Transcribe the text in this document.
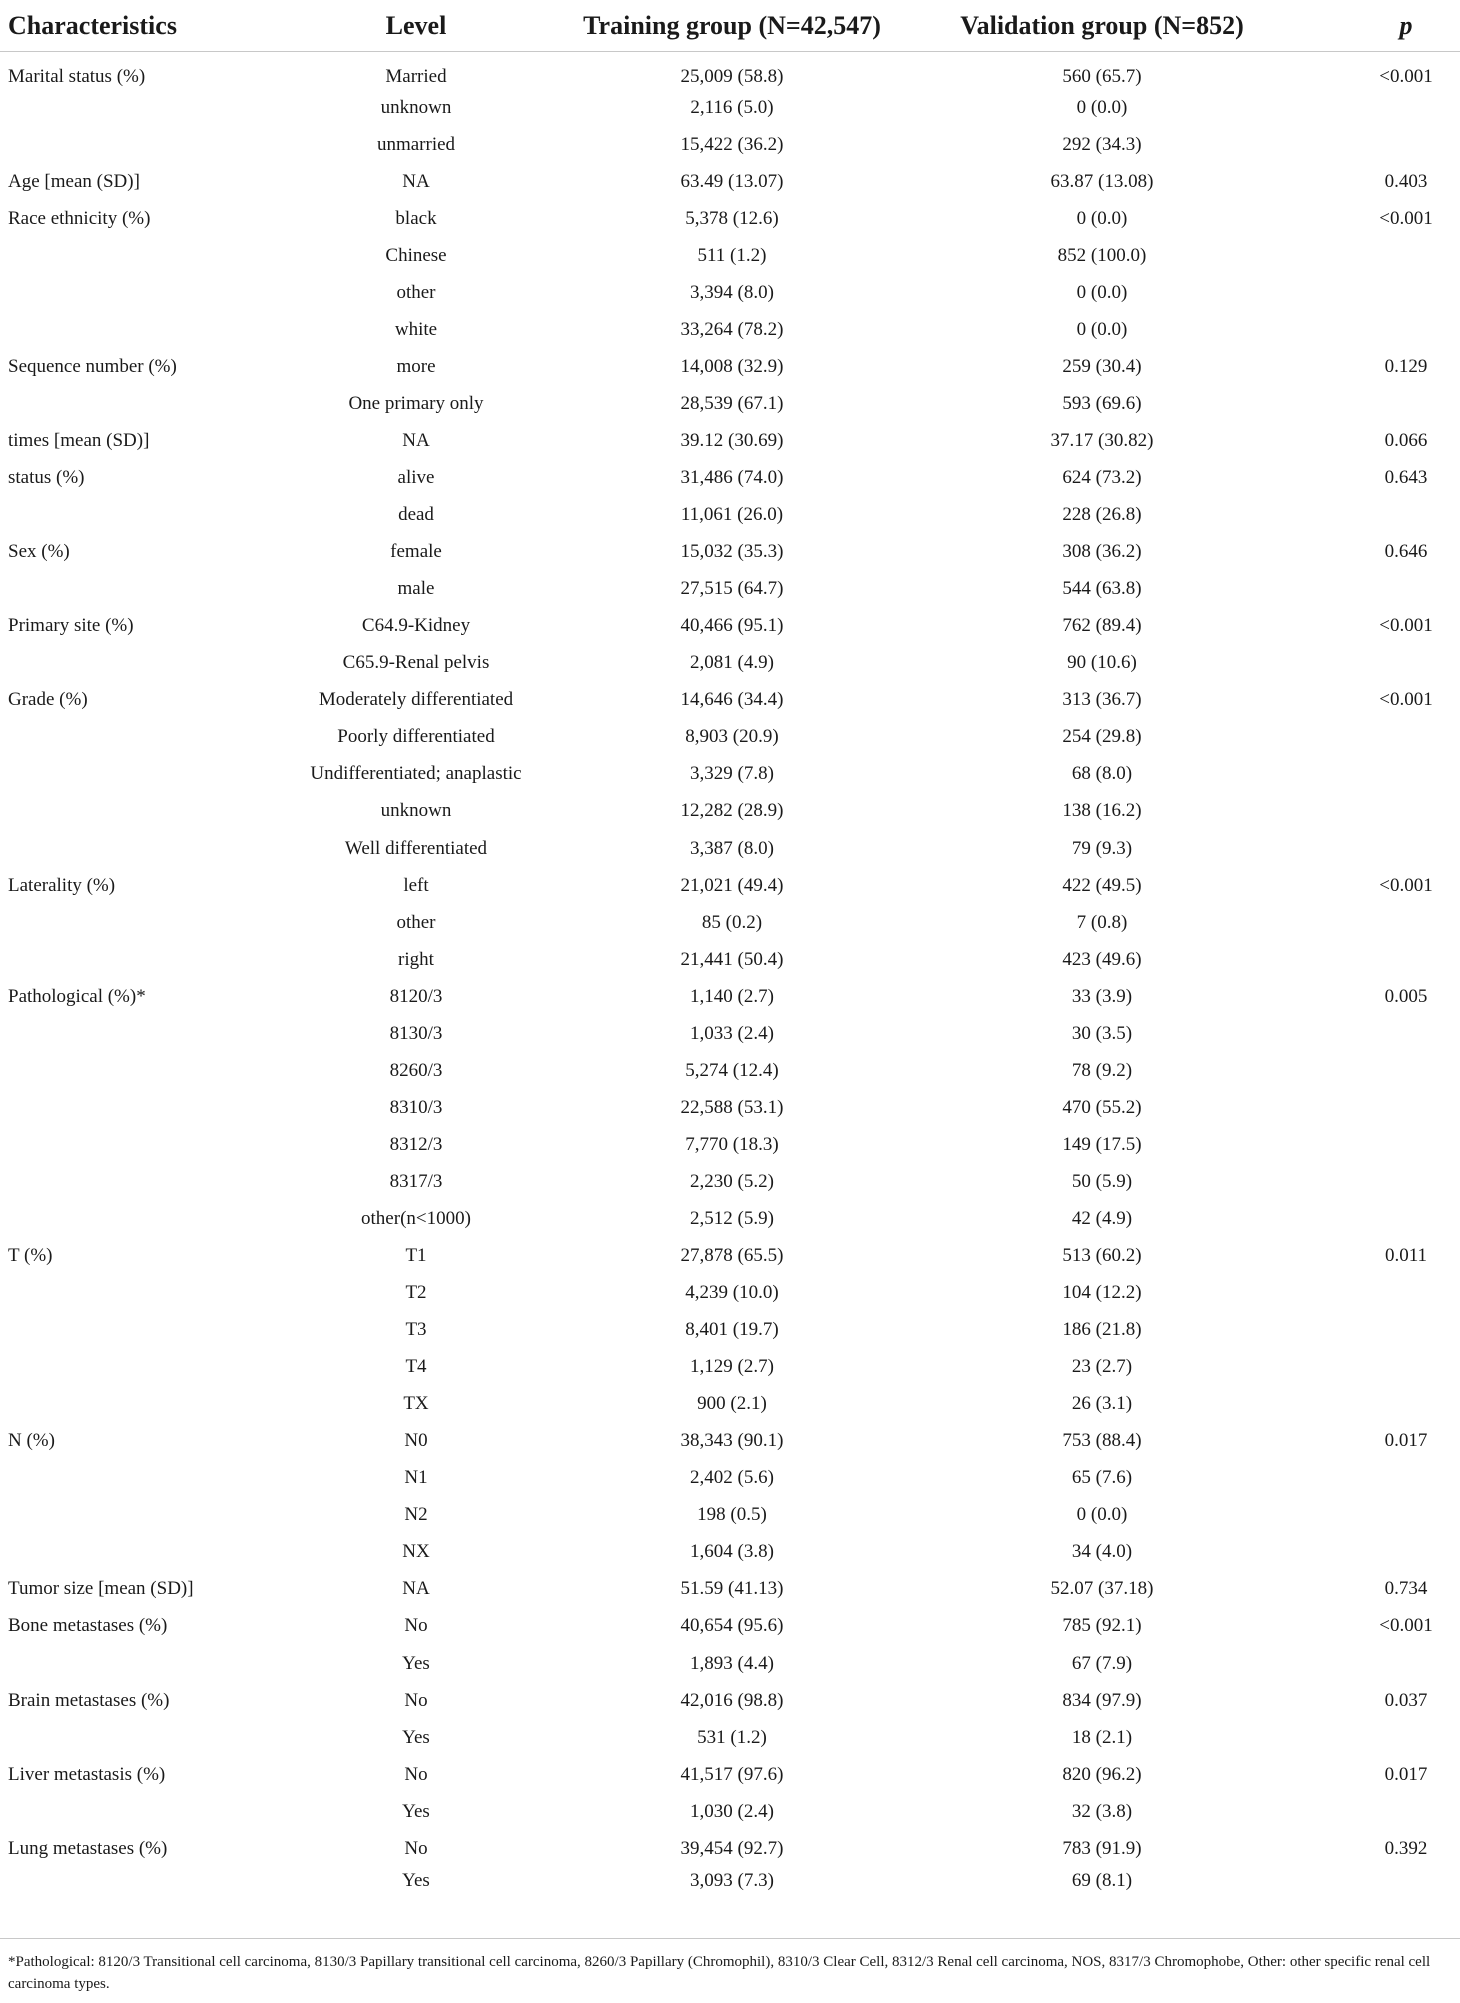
Characteristics	Level	Training group (N=42,547)	Validation group (N=852)	p
Marital status (%)	Married	25,009 (58.8)	560 (65.7)	<0.001
	unknown	2,116 (5.0)	0 (0.0)	
	unmarried	15,422 (36.2)	292 (34.3)	
Age [mean (SD)]	NA	63.49 (13.07)	63.87 (13.08)	0.403
Race ethnicity (%)	black	5,378 (12.6)	0 (0.0)	<0.001
	Chinese	511 (1.2)	852 (100.0)	
	other	3,394 (8.0)	0 (0.0)	
	white	33,264 (78.2)	0 (0.0)	
Sequence number (%)	more	14,008 (32.9)	259 (30.4)	0.129
	One primary only	28,539 (67.1)	593 (69.6)	
times [mean (SD)]	NA	39.12 (30.69)	37.17 (30.82)	0.066
status (%)	alive	31,486 (74.0)	624 (73.2)	0.643
	dead	11,061 (26.0)	228 (26.8)	
Sex (%)	female	15,032 (35.3)	308 (36.2)	0.646
	male	27,515 (64.7)	544 (63.8)	
Primary site (%)	C64.9-Kidney	40,466 (95.1)	762 (89.4)	<0.001
	C65.9-Renal pelvis	2,081 (4.9)	90 (10.6)	
Grade (%)	Moderately differentiated	14,646 (34.4)	313 (36.7)	<0.001
	Poorly differentiated	8,903 (20.9)	254 (29.8)	
	Undifferentiated; anaplastic	3,329 (7.8)	68 (8.0)	
	unknown	12,282 (28.9)	138 (16.2)	
	Well differentiated	3,387 (8.0)	79 (9.3)	
Laterality (%)	left	21,021 (49.4)	422 (49.5)	<0.001
	other	85 (0.2)	7 (0.8)	
	right	21,441 (50.4)	423 (49.6)	
Pathological (%)*	8120/3	1,140 (2.7)	33 (3.9)	0.005
	8130/3	1,033 (2.4)	30 (3.5)	
	8260/3	5,274 (12.4)	78 (9.2)	
	8310/3	22,588 (53.1)	470 (55.2)	
	8312/3	7,770 (18.3)	149 (17.5)	
	8317/3	2,230 (5.2)	50 (5.9)	
	other(n<1000)	2,512 (5.9)	42 (4.9)	
T (%)	T1	27,878 (65.5)	513 (60.2)	0.011
	T2	4,239 (10.0)	104 (12.2)	
	T3	8,401 (19.7)	186 (21.8)	
	T4	1,129 (2.7)	23 (2.7)	
	TX	900 (2.1)	26 (3.1)	
N (%)	N0	38,343 (90.1)	753 (88.4)	0.017
	N1	2,402 (5.6)	65 (7.6)	
	N2	198 (0.5)	0 (0.0)	
	NX	1,604 (3.8)	34 (4.0)	
Tumor size [mean (SD)]	NA	51.59 (41.13)	52.07 (37.18)	0.734
Bone metastases (%)	No	40,654 (95.6)	785 (92.1)	<0.001
	Yes	1,893 (4.4)	67 (7.9)	
Brain metastases (%)	No	42,016 (98.8)	834 (97.9)	0.037
	Yes	531 (1.2)	18 (2.1)	
Liver metastasis (%)	No	41,517 (97.6)	820 (96.2)	0.017
	Yes	1,030 (2.4)	32 (3.8)	
Lung metastases (%)	No	39,454 (92.7)	783 (91.9)	0.392
	Yes	3,093 (7.3)	69 (8.1)	
*Pathological: 8120/3 Transitional cell carcinoma, 8130/3 Papillary transitional cell carcinoma, 8260/3 Papillary (Chromophil), 8310/3 Clear Cell, 8312/3 Renal cell carcinoma, NOS, 8317/3 Chromophobe, Other: other specific renal cell carcinoma types.
